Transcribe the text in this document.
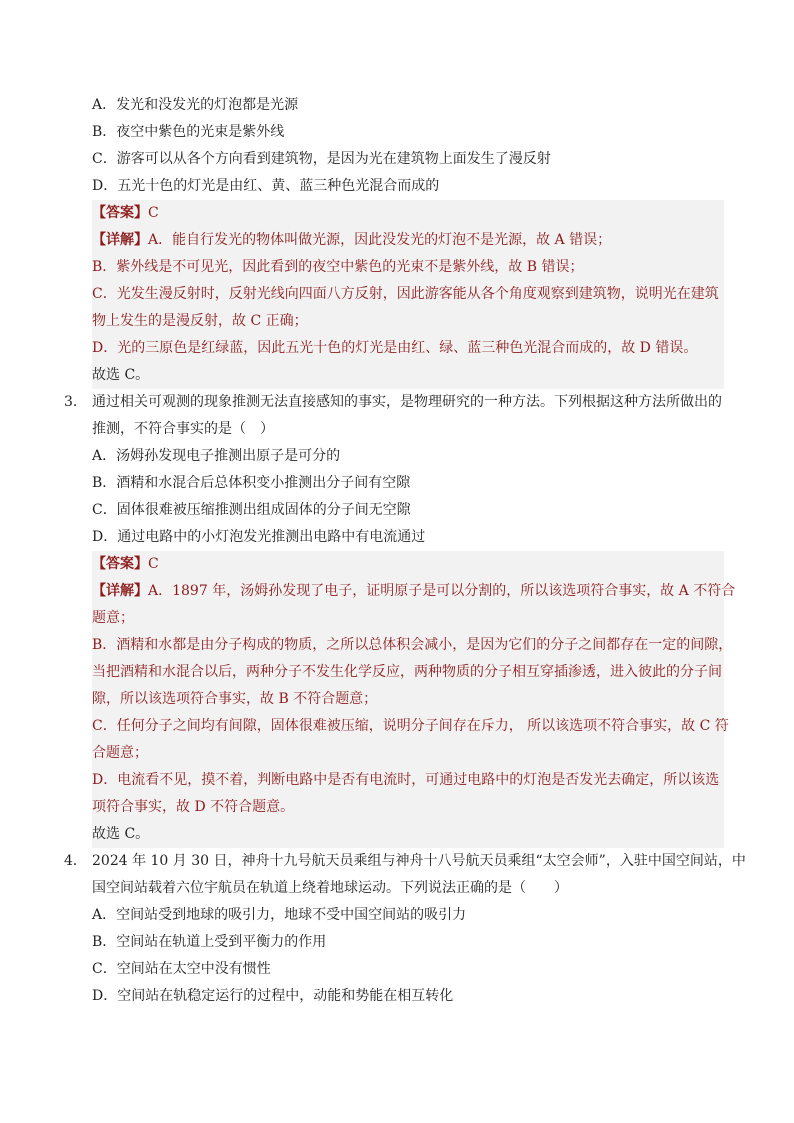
A．发光和没发光的灯泡都是光源
B．夜空中紫色的光束是紫外线
C．游客可以从各个方向看到建筑物，是因为光在建筑物上面发生了漫反射
D．五光十色的灯光是由红、黄、蓝三种色光混合而成的
【答案】C
【详解】A．能自行发光的物体叫做光源，因此没发光的灯泡不是光源，故 A 错误；
B．紫外线是不可见光，因此看到的夜空中紫色的光束不是紫外线，故 B 错误；
C．光发生漫反射时，反射光线向四面八方反射，因此游客能从各个角度观察到建筑物，说明光在建筑
物上发生的是漫反射，故 C 正确；
D．光的三原色是红绿蓝，因此五光十色的灯光是由红、绿、蓝三种色光混合而成的，故 D 错误。
故选 C。
3． 通过相关可观测的现象推测无法直接感知的事实，是物理研究的一种方法。下列根据这种方法所做出的
推测，不符合事实的是（　）
A．汤姆孙发现电子推测出原子是可分的
B．酒精和水混合后总体积变小推测出分子间有空隙
C．固体很难被压缩推测出组成固体的分子间无空隙
D．通过电路中的小灯泡发光推测出电路中有电流通过
【答案】C
【详解】A．1897 年，汤姆孙发现了电子，证明原子是可以分割的，所以该选项符合事实，故 A 不符合
题意；
B．酒精和水都是由分子构成的物质，之所以总体积会减小，是因为它们的分子之间都存在一定的间隙，
当把酒精和水混合以后，两种分子不发生化学反应，两种物质的分子相互穿插渗透，进入彼此的分子间
隙，所以该选项符合事实，故 B 不符合题意；
C．任何分子之间均有间隙，固体很难被压缩，说明分子间存在斥力， 所以该选项不符合事实，故 C 符
合题意；
D．电流看不见，摸不着，判断电路中是否有电流时，可通过电路中的灯泡是否发光去确定，所以该选
项符合事实，故 D 不符合题意。
故选 C。
4． 2024 年 10 月 30 日，神舟十九号航天员乘组与神舟十八号航天员乘组“太空会师”，入驻中国空间站，中
国空间站载着六位宇航员在轨道上绕着地球运动。下列说法正确的是（　　）
A．空间站受到地球的吸引力，地球不受中国空间站的吸引力
B．空间站在轨道上受到平衡力的作用
C．空间站在太空中没有惯性
D．空间站在轨稳定运行的过程中，动能和势能在相互转化
